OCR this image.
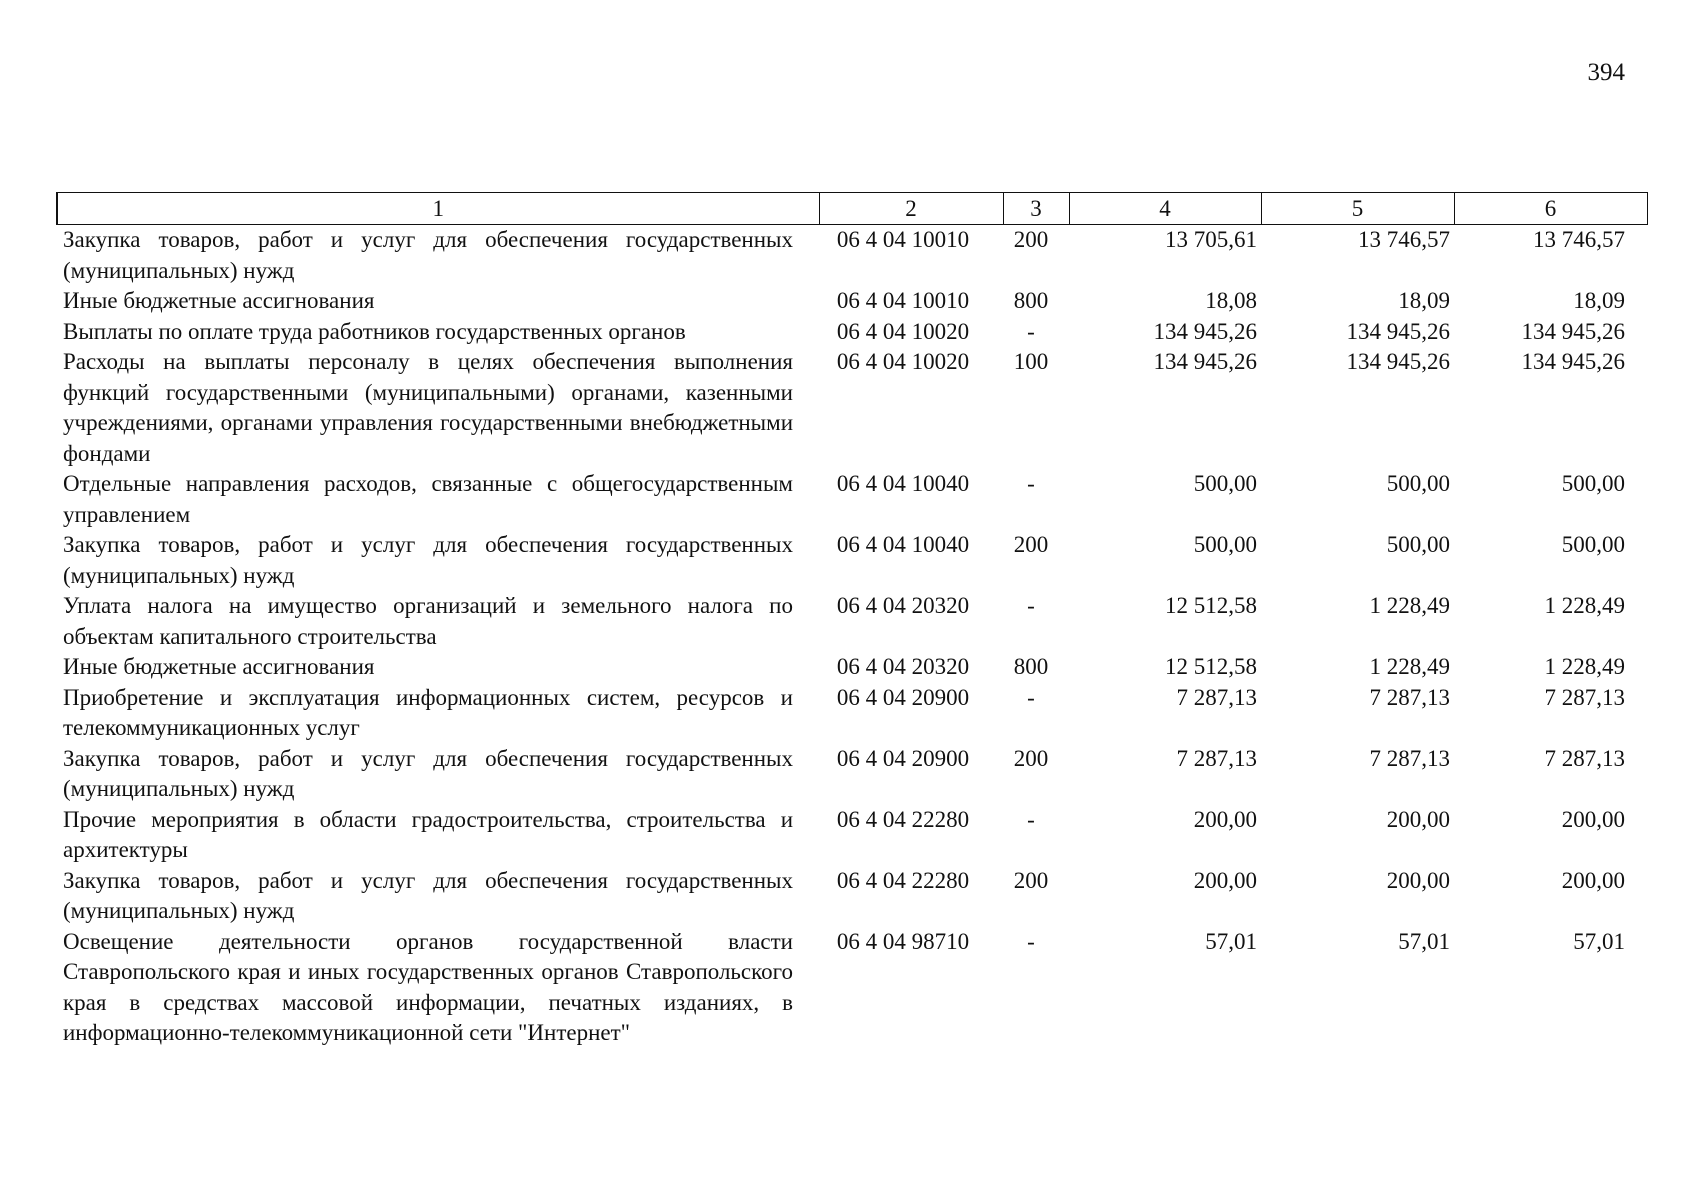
394
1	2	3	4	5	6
Закупка товаров, работ и услуг для обеспечения государственных (муниципальных) нужд	06 4 04 10010	200	13 705,61	13 746,57	13 746,57
Иные бюджетные ассигнования	06 4 04 10010	800	18,08	18,09	18,09
Выплаты по оплате труда работников государственных органов	06 4 04 10020	-	134 945,26	134 945,26	134 945,26
Расходы на выплаты персоналу в целях обеспечения выполнения функций государственными (муниципальными) органами, казенными учреждениями, органами управления государственными внебюджетными фондами	06 4 04 10020	100	134 945,26	134 945,26	134 945,26
Отдельные направления расходов, связанные с общегосударственным управлением	06 4 04 10040	-	500,00	500,00	500,00
Закупка товаров, работ и услуг для обеспечения государственных (муниципальных) нужд	06 4 04 10040	200	500,00	500,00	500,00
Уплата налога на имущество организаций и земельного налога по объектам капитального строительства	06 4 04 20320	-	12 512,58	1 228,49	1 228,49
Иные бюджетные ассигнования	06 4 04 20320	800	12 512,58	1 228,49	1 228,49
Приобретение и эксплуатация информационных систем, ресурсов и телекоммуникационных услуг	06 4 04 20900	-	7 287,13	7 287,13	7 287,13
Закупка товаров, работ и услуг для обеспечения государственных (муниципальных) нужд	06 4 04 20900	200	7 287,13	7 287,13	7 287,13
Прочие мероприятия в области градостроительства, строительства и архитектуры	06 4 04 22280	-	200,00	200,00	200,00
Закупка товаров, работ и услуг для обеспечения государственных (муниципальных) нужд	06 4 04 22280	200	200,00	200,00	200,00
Освещение деятельности органов государственной власти Ставропольского края и иных государственных органов Ставропольского края в средствах массовой информации, печатных изданиях, в информационно-телекоммуникационной сети "Интернет"	06 4 04 98710	-	57,01	57,01	57,01
